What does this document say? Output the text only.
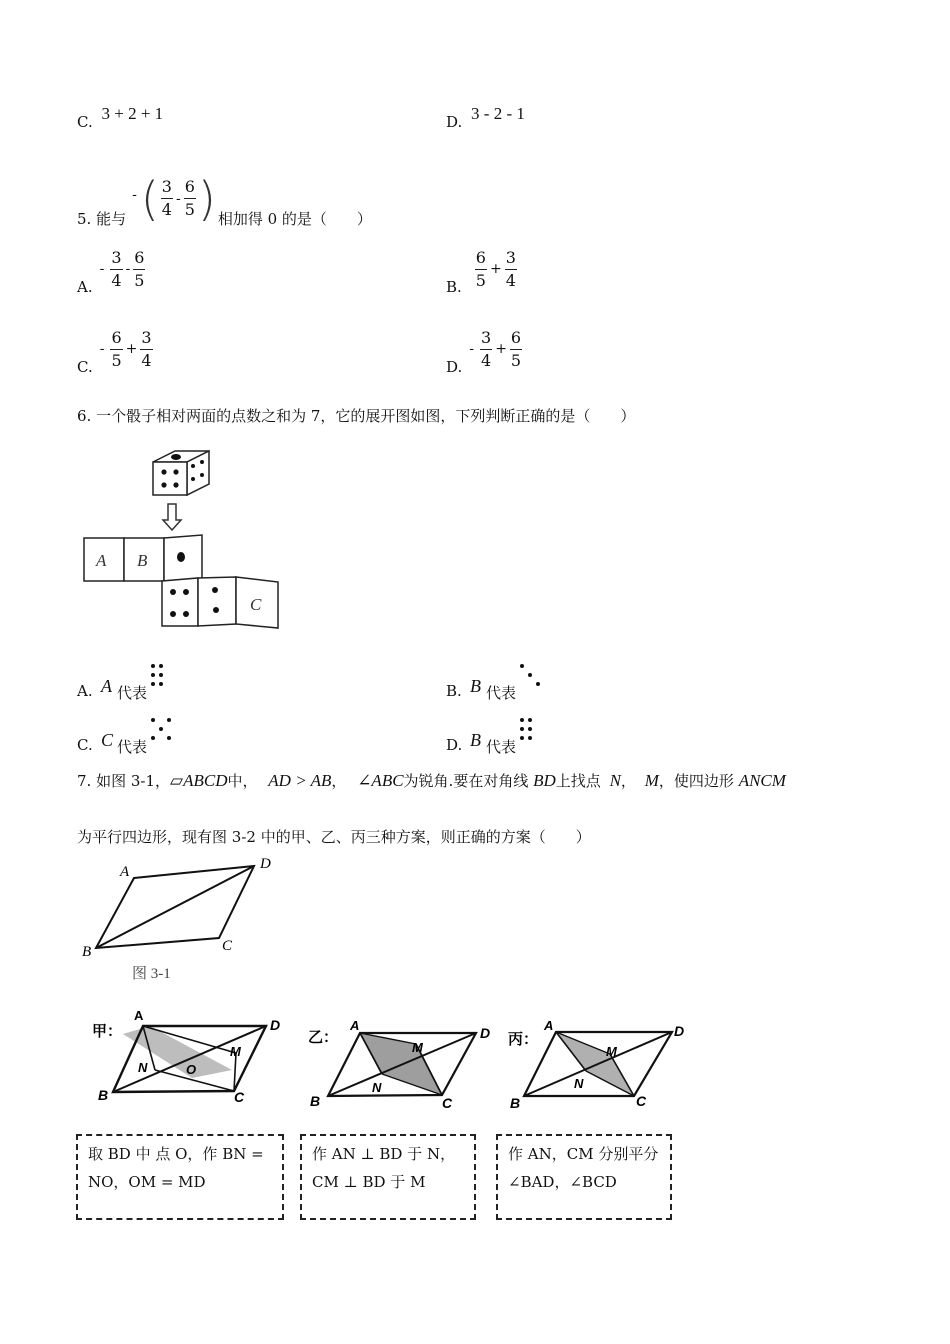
C. 3 + 2 + 1	D. 3 - 2 - 1
5. 能与
- ( $\frac{3}{4} - \frac{6}{5}$ ) 相加得 0 的是（　　）
A.
- $\frac{3}{4} - \frac{6}{5}$	B. $\frac{6}{5} + \frac{3}{4}$
C.
- $\frac{6}{5} + \frac{3}{4}$	D.
- $\frac{3}{4} + \frac{6}{5}$
6. 一个骰子相对两面的点数之和为 7，它的展开图如图，下列判断正确的是（　　）
A B
C
A. A 代表	B. B 代表
C. C 代表	D. B 代表
7. 如图 3-1，▱ABCD中， AD > AB， ∠ABC为锐角.要在对角线 BD上找点 N， M，使四边形 ANCM
为平行四边形，现有图 3-2 中的甲、乙、丙三种方案，则正确的方案（　　）
A	D
B	C
图 3-1
甲：
A
D
B	C
N
M
O
乙：
A	D
B	C
N
M	丙：
A	D
B	C
N
M
取 BD 中 点 O，作 BN = NO，OM = MD
作 AN ⊥ BD 于 N，CM ⊥ BD 于 M
作 AN，CM 分别平分 ∠BAD，∠BCD
